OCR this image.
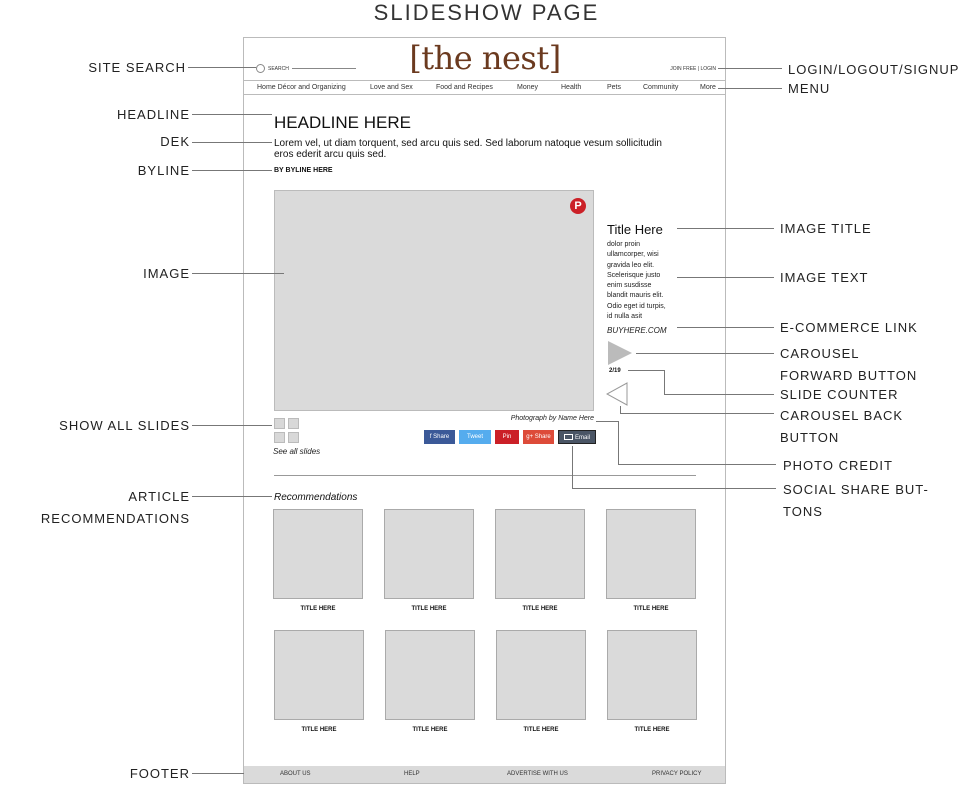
SLIDESHOW PAGE
SEARCH	[the nest]	JOIN FREE | LOGIN
Home Décor and Organizing	Love and Sex	Food and Recipes	Money	Health	Pets	Community	More
HEADLINE HERE
Lorem vel, ut diam torquent, sed arcu quis sed. Sed laborum natoque vesum sollicitudin eros ederit arcu quis sed.
BY BYLINE HERE
P
Title Here
dolor proin
ullamcorper, wisi
gravida leo elit.
Scelerisque justo
enim susdisse
blandit mauris elit.
Odio eget id turpis,
id nulla asit
BUYHERE.COM
2/19
Photograph by Name Here
f Share	Tweet	Pin	g+ Share	Email
See all slides
Recommendations
TITLE HERE	TITLE HERE	TITLE HERE	TITLE HERE
TITLE HERE	TITLE HERE	TITLE HERE	TITLE HERE
ABOUT US	HELP	ADVERTISE WITH US	PRIVACY POLICY
SITE SEARCH
HEADLINE
DEK
BYLINE
IMAGE
SHOW ALL SLIDES
ARTICLE
RECOMMENDATIONS
FOOTER
LOGIN/LOGOUT/SIGNUP
MENU
IMAGE TITLE
IMAGE TEXT
E-COMMERCE LINK
CAROUSEL
FORWARD BUTTON
SLIDE COUNTER
CAROUSEL BACK
BUTTON
PHOTO CREDIT
SOCIAL SHARE BUT-
TONS
